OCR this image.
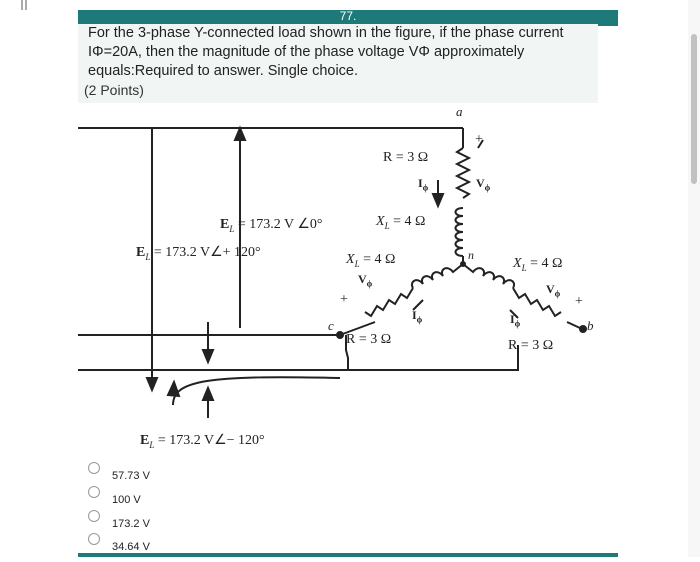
77.

For the 3-phase Y-connected load shown in the figure, if the phase current

IΦ=20A, then the magnitude of the phase voltage VΦ approximately

equals:Required to answer. Single choice.

(2 Points)
a
+
R = 3 Ω
$I_\phi$	$V_\phi$
$X_L = 4$ Ω
$E_L = 173.2$ V ∠0°
$E_L = 173.2$ V∠+ 120°	$X_L = 4$ Ω	n
$X_L = 4$ Ω
$V_\phi$	$V_\phi$
+	+
c
$I_\phi$	$I_\phi$	b
R = 3 Ω	R = 3 Ω
$E_L = 173.2$ V∠− 120°
57.73 V
100 V
173.2 V
34.64 V
